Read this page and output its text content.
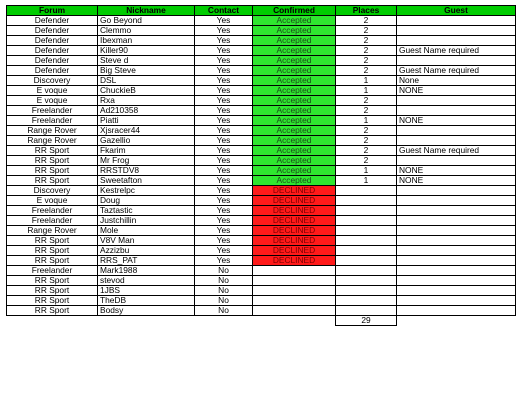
Forum	Nickname	Contact	Confirmed	Places	Guest
Defender	Go Beyond	Yes	Accepted	2	
Defender	Clemmo	Yes	Accepted	2	
Defender	Ibexman	Yes	Accepted	2	
Defender	Killer90	Yes	Accepted	2	Guest Name required
Defender	Steve d	Yes	Accepted	2	
Defender	Big Steve	Yes	Accepted	2	Guest Name required
Discovery	DSL	Yes	Accepted	1	None
E voque	ChuckieB	Yes	Accepted	1	NONE
E voque	Rxa	Yes	Accepted	2	
Freelander	Ad210358	Yes	Accepted	2	
Freelander	Piatti	Yes	Accepted	1	NONE
Range Rover	Xjsracer44	Yes	Accepted	2	
Range Rover	Gazellio	Yes	Accepted	2	
RR Sport	Fkarim	Yes	Accepted	2	Guest Name required
RR Sport	Mr Frog	Yes	Accepted	2	
RR Sport	RRSTDV8	Yes	Accepted	1	NONE
RR Sport	Sweetafton	Yes	Accepted	1	NONE
Discovery	Kestrelpc	Yes	DECLINED		
E voque	Doug	Yes	DECLINED		
Freelander	Taztastic	Yes	DECLINED		
Freelander	Justchillin	Yes	DECLINED		
Range Rover	Mole	Yes	DECLINED		
RR Sport	V8V Man	Yes	DECLINED		
RR Sport	Azzizbu	Yes	DECLINED		
RR Sport	RRS_PAT	Yes	DECLINED		
Freelander	Mark1988	No			
RR Sport	stevod	No			
RR Sport	1JBS	No			
RR Sport	TheDB	No			
RR Sport	Bodsy	No			
				29	
